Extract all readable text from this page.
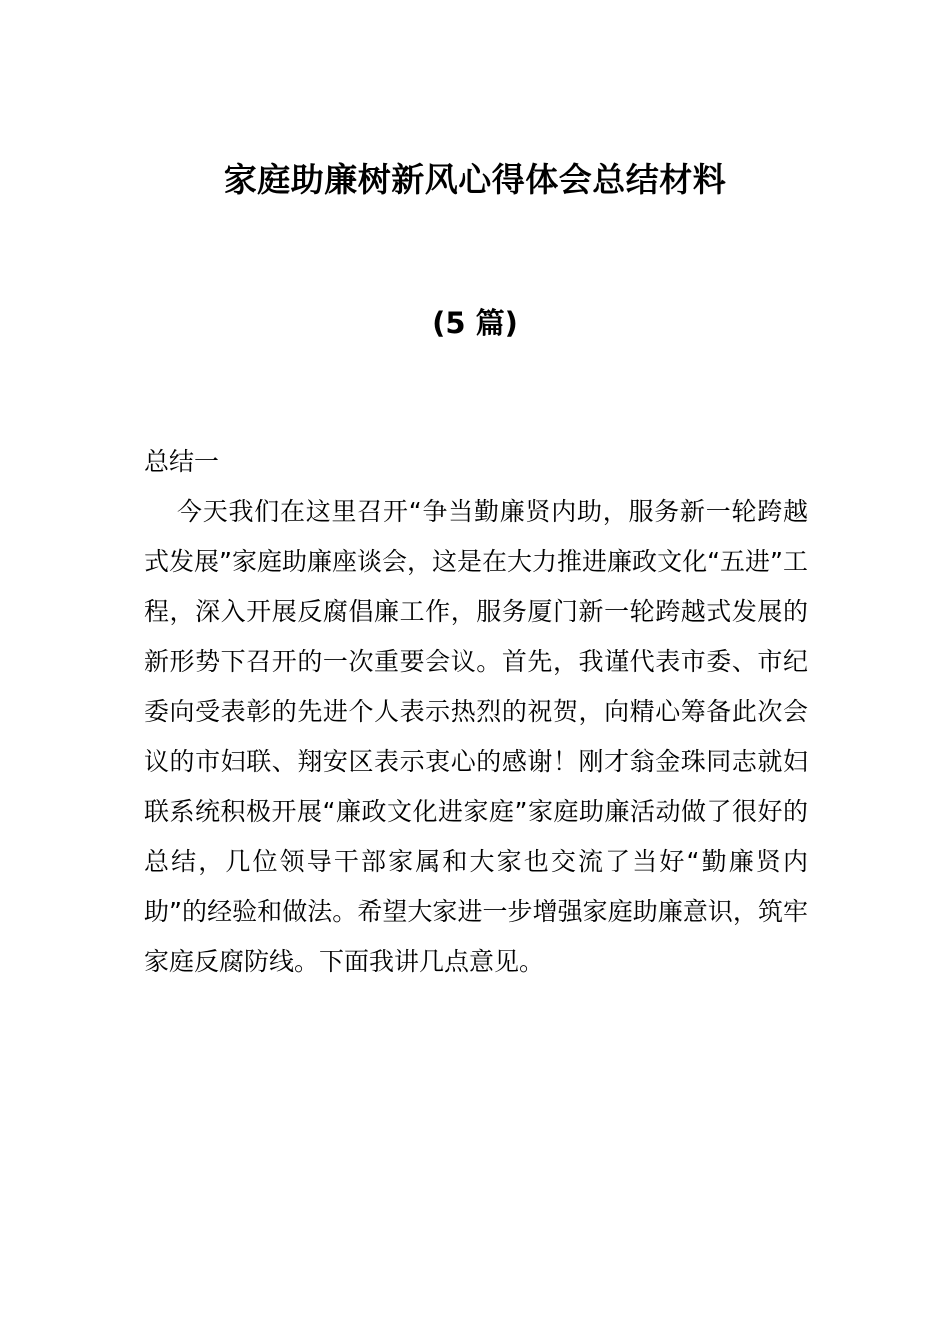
家庭助廉树新风心得体会总结材料
(5 篇)
总结一

今天我们在这里召开“争当勤廉贤内助，服务新一轮跨越式发展”家庭助廉座谈会，这是在大力推进廉政文化“五进”工程，深入开展反腐倡廉工作，服务厦门新一轮跨越式发展的新形势下召开的一次重要会议。首先，我谨代表市委、市纪委向受表彰的先进个人表示热烈的祝贺，向精心筹备此次会议的市妇联、翔安区表示衷心的感谢！刚才翁金珠同志就妇联系统积极开展“廉政文化进家庭”家庭助廉活动做了很好的总结，几位领导干部家属和大家也交流了当好“勤廉贤内助”的经验和做法。希望大家进一步增强家庭助廉意识，筑牢家庭反腐防线。下面我讲几点意见。
